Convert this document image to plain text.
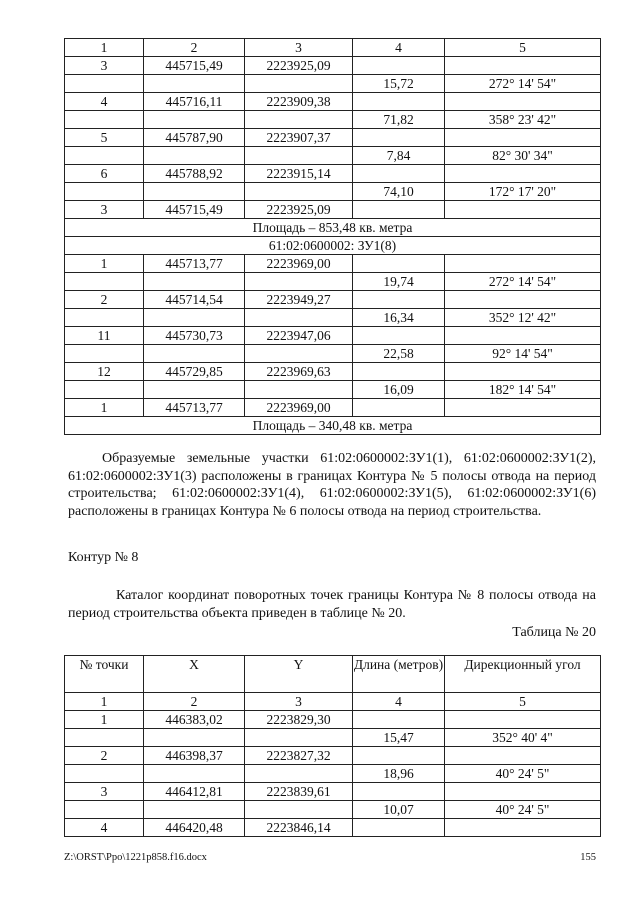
1	2	3	4	5
3	445715,49	2223925,09		
			15,72	272° 14' 54"
4	445716,11	2223909,38		
			71,82	358° 23' 42"
5	445787,90	2223907,37		
			7,84	82° 30' 34"
6	445788,92	2223915,14		
			74,10	172° 17' 20"
3	445715,49	2223925,09		
Площадь – 853,48 кв. метра				
61:02:0600002: ЗУ1(8)				
1	445713,77	2223969,00		
			19,74	272° 14' 54"
2	445714,54	2223949,27		
			16,34	352° 12' 42"
11	445730,73	2223947,06		
			22,58	92° 14' 54"
12	445729,85	2223969,63		
			16,09	182° 14' 54"
1	445713,77	2223969,00		
Площадь – 340,48 кв. метра				

Образуемые земельные участки 61:02:0600002:ЗУ1(1), 61:02:0600002:ЗУ1(2), 61:02:0600002:ЗУ1(3) расположены в границах Контура № 5 полосы отвода на период строительства; 61:02:0600002:ЗУ1(4), 61:02:0600002:ЗУ1(5), 61:02:0600002:ЗУ1(6) расположены в границах Контура № 6 полосы отвода на период строительства.

Контур № 8

Каталог координат поворотных точек границы Контура № 8 полосы отвода на период строительства объекта приведен в таблице № 20.

Таблица № 20

№ точки	X	Y	Длина (метров)	Дирекционный угол
1	2	3	4	5
1	446383,02	2223829,30		
			15,47	352° 40' 4"
2	446398,37	2223827,32		
			18,96	40° 24' 5"
3	446412,81	2223839,61		
			10,07	40° 24' 5"
4	446420,48	2223846,14		
Z:\ORST\Ppo\1221p858.f16.docx	155
